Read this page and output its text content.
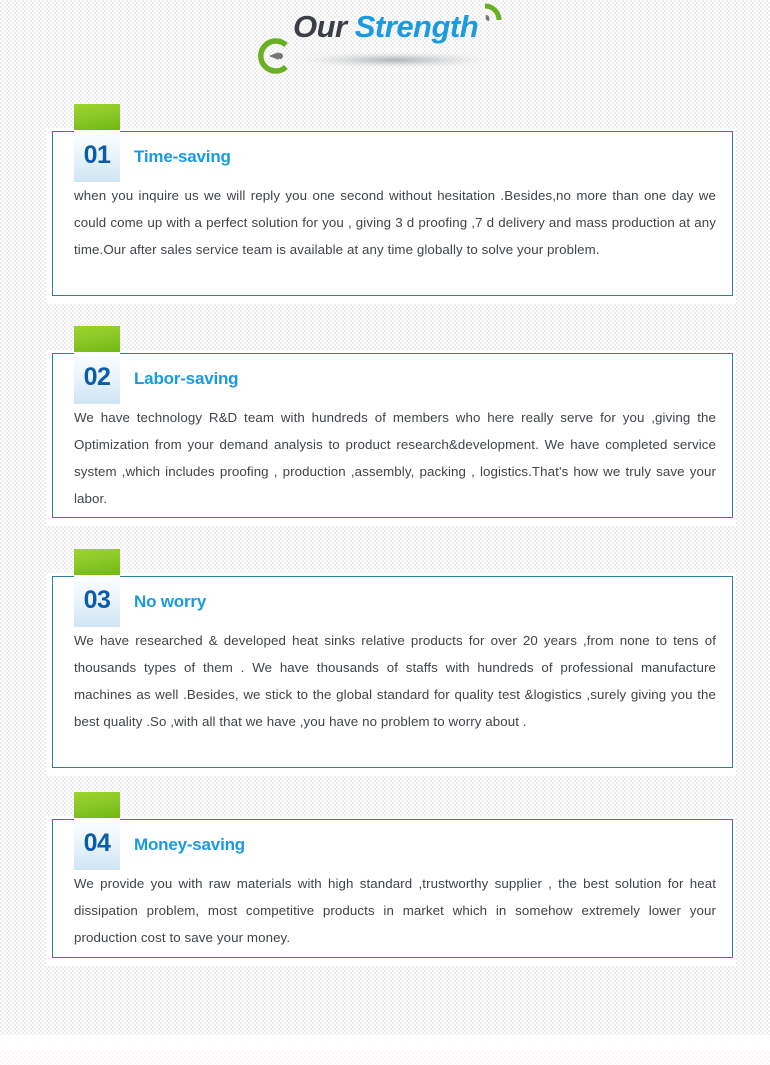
Our Strength
01	Time-saving
when you inquire us we will reply you one second without hesitation .Besides,no more than one day we could come up with a perfect solution for you , giving 3 d proofing ,7 d delivery and mass production at any time.Our after sales service team is available at any time globally to solve your problem.
02	Labor-saving
We have technology R&D team with hundreds of members who here really serve for you ,giving the Optimization from your demand analysis to product research&development. We have completed service system ,which includes proofing , production ,assembly, packing , logistics.That's how we truly save your labor.
03	No worry
We have researched & developed heat sinks relative products for over 20 years ,from none to tens of thousands types of them . We have thousands of staffs with hundreds of professional manufacture machines as well .Besides, we stick to the global standard for quality test &logistics ,surely giving you the best quality .So ,with all that we have ,you have no problem to worry about .
04	Money-saving
We provide you with raw materials with high standard ,trustworthy supplier , the best solution for heat dissipation problem, most competitive products in market which in somehow extremely lower your production cost to save your money.
